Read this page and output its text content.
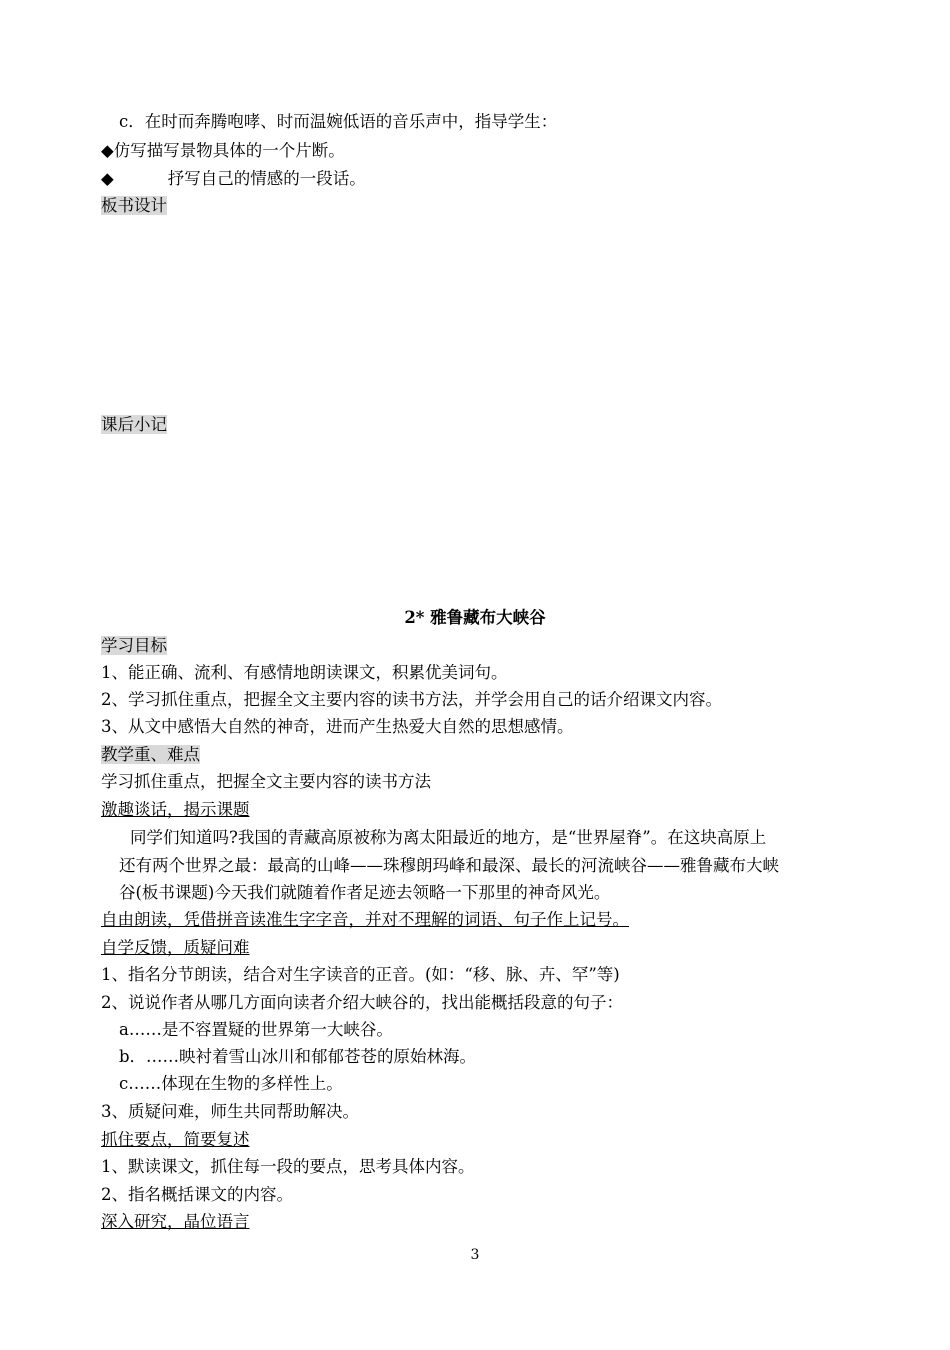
c．在时而奔腾咆哮、时而温婉低语的音乐声中，指导学生：
◆仿写描写景物具体的一个片断。
◆	抒写自己的情感的一段话。
板书设计
课后小记
2* 雅鲁藏布大峡谷
学习目标
1、能正确、流利、有感情地朗读课文，积累优美词句。
2、学习抓住重点，把握全文主要内容的读书方法，并学会用自己的话介绍课文内容。
3、从文中感悟大自然的神奇，进而产生热爱大自然的思想感情。
教学重、难点
学习抓住重点，把握全文主要内容的读书方法
激趣谈话，揭示课题
同学们知道吗?我国的青藏高原被称为离太阳最近的地方，是“世界屋脊”。在这块高原上
还有两个世界之最：最高的山峰——珠穆朗玛峰和最深、最长的河流峡谷——雅鲁藏布大峡
谷(板书课题)今天我们就随着作者足迹去领略一下那里的神奇风光。
自由朗读，凭借拼音读准生字字音，并对不理解的词语、句子作上记号。
自学反馈，质疑问难
1、指名分节朗读，结合对生字读音的正音。(如：“移、脉、卉、罕”等)
2、说说作者从哪几方面向读者介绍大峡谷的，找出能概括段意的句子：
a……是不容置疑的世界第一大峡谷。
b．……映衬着雪山冰川和郁郁苍苍的原始林海。
c……体现在生物的多样性上。
3、质疑问难，师生共同帮助解决。
抓住要点，简要复述
1、默读课文，抓住每一段的要点，思考具体内容。
2、指名概括课文的内容。
深入研究，晶位语言
3
